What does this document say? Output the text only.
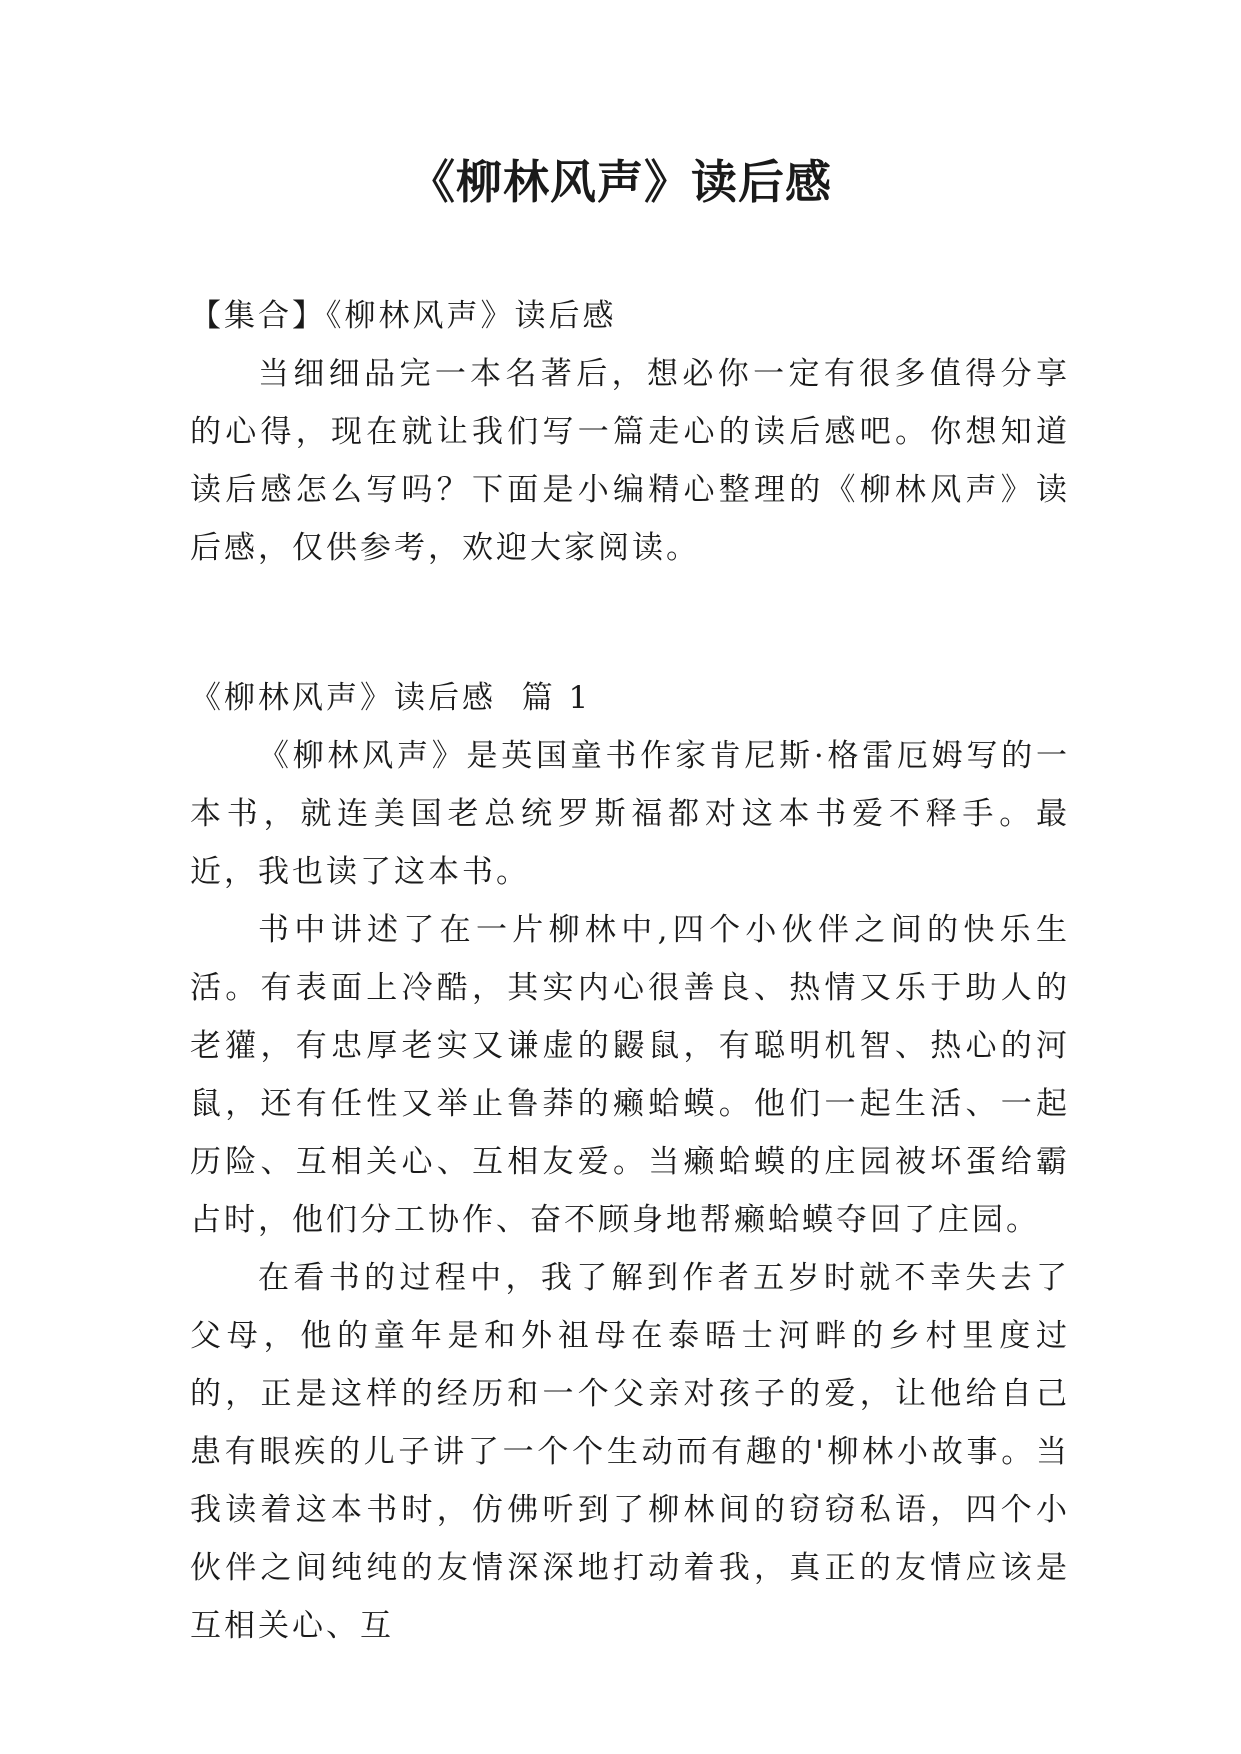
《柳林风声》读后感

【集合】《柳林风声》读后感

当细细品完一本名著后，想必你一定有很多值得分享的心得，现在就让我们写一篇走心的读后感吧。你想知道读后感怎么写吗？下面是小编精心整理的《柳林风声》读后感，仅供参考，欢迎大家阅读。

《柳林风声》读后感  篇 1

《柳林风声》是英国童书作家肯尼斯·格雷厄姆写的一本书，就连美国老总统罗斯福都对这本书爱不释手。最近，我也读了这本书。

书中讲述了在一片柳林中,四个小伙伴之间的快乐生活。有表面上冷酷，其实内心很善良、热情又乐于助人的老獾，有忠厚老实又谦虚的鼹鼠，有聪明机智、热心的河鼠，还有任性又举止鲁莽的癞蛤蟆。他们一起生活、一起历险、互相关心、互相友爱。当癞蛤蟆的庄园被坏蛋给霸占时，他们分工协作、奋不顾身地帮癞蛤蟆夺回了庄园。

在看书的过程中，我了解到作者五岁时就不幸失去了父母，他的童年是和外祖母在泰晤士河畔的乡村里度过的，正是这样的经历和一个父亲对孩子的爱，让他给自己患有眼疾的儿子讲了一个个生动而有趣的'柳林小故事。当我读着这本书时，仿佛听到了柳林间的窃窃私语，四个小伙伴之间纯纯的友情深深地打动着我，真正的友情应该是互相关心、互
